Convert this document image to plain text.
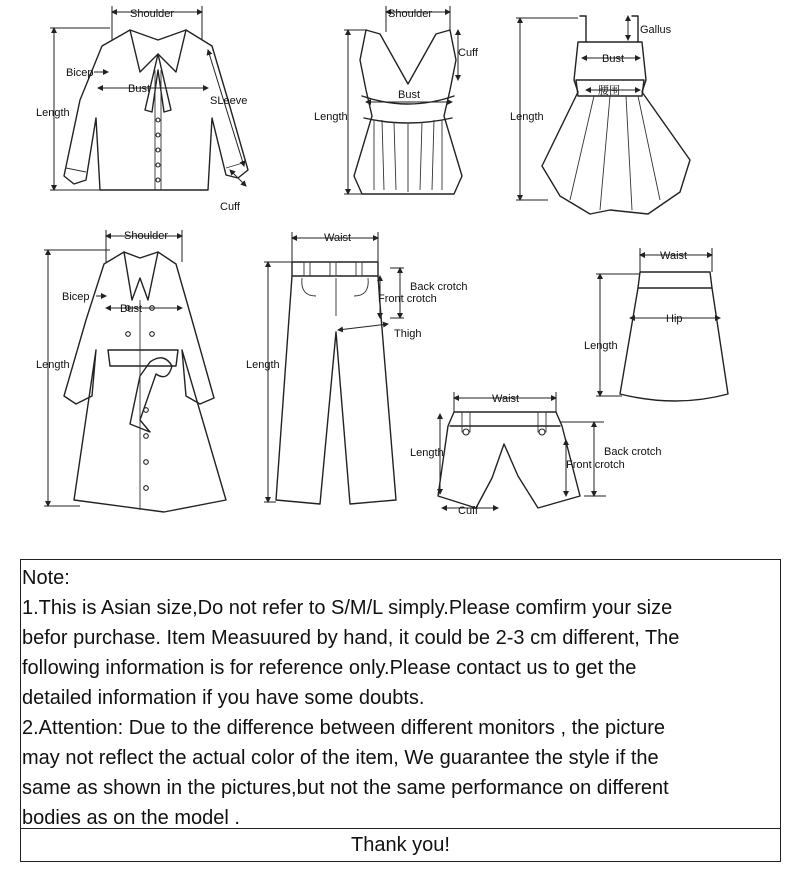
Shoulder
Bicep
Bust
SLeeve
Length
Cuff
Shoulder
Cuff
Bust
Length
Gallus
Bust
腰围
Length
Shoulder
Bicep
Bust
Length
Waist
Back crotch
Front crotch
Thigh
Length
Waist
Hip
Length
Waist
Length	Back crotch
Front crotch
Cuff

Note:

1.This is Asian size,Do not refer to S/M/L simply.Please comfirm your size

befor purchase. Item Measuured by hand, it could be 2-3 cm different, The

following information is for reference only.Please contact us to get the

detailed information if you have some doubts.

2.Attention: Due to the difference between different monitors , the picture

may not reflect the actual color of the item, We guarantee the style if the

same as shown in the pictures,but not the same performance on different

bodies as on the model .

Thank you!
